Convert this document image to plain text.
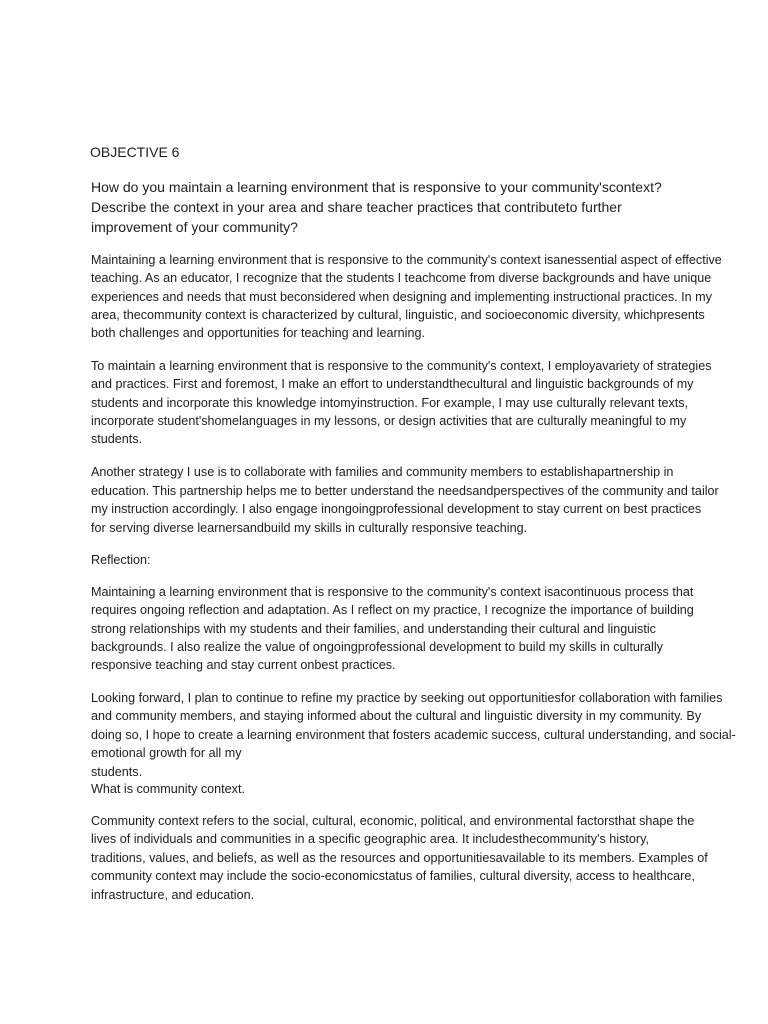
OBJECTIVE 6
How do you maintain a learning environment that is responsive to your community'scontext?
Describe the context in your area and share teacher practices that contributeto further
improvement of your community?
Maintaining a learning environment that is responsive to the community's context isanessential aspect of effective
teaching. As an educator, I recognize that the students I teachcome from diverse backgrounds and have unique
experiences and needs that must beconsidered when designing and implementing instructional practices. In my
area, thecommunity context is characterized by cultural, linguistic, and socioeconomic diversity, whichpresents
both challenges and opportunities for teaching and learning.
To maintain a learning environment that is responsive to the community's context, I employavariety of strategies
and practices. First and foremost, I make an effort to understandthecultural and linguistic backgrounds of my
students and incorporate this knowledge intomyinstruction. For example, I may use culturally relevant texts,
incorporate student'shomelanguages in my lessons, or design activities that are culturally meaningful to my
students.
Another strategy I use is to collaborate with families and community members to establishapartnership in
education. This partnership helps me to better understand the needsandperspectives of the community and tailor
my instruction accordingly. I also engage inongoingprofessional development to stay current on best practices
for serving diverse learnersandbuild my skills in culturally responsive teaching.
Reflection:
Maintaining a learning environment that is responsive to the community's context isacontinuous process that
requires ongoing reflection and adaptation. As I reflect on my practice, I recognize the importance of building
strong relationships with my students and their families, and understanding their cultural and linguistic
backgrounds. I also realize the value of ongoingprofessional development to build my skills in culturally
responsive teaching and stay current onbest practices.
Looking forward, I plan to continue to refine my practice by seeking out opportunitiesfor collaboration with families
and community members, and staying informed about the cultural and linguistic diversity in my community. By
doing so, I hope to create a learning environment that fosters academic success, cultural understanding, and social-
emotional growth for all my
students.
What is community context.
Community context refers to the social, cultural, economic, political, and environmental factorsthat shape the
lives of individuals and communities in a specific geographic area. It includesthecommunity's history,
traditions, values, and beliefs, as well as the resources and opportunitiesavailable to its members. Examples of
community context may include the socio-economicstatus of families, cultural diversity, access to healthcare,
infrastructure, and education.
